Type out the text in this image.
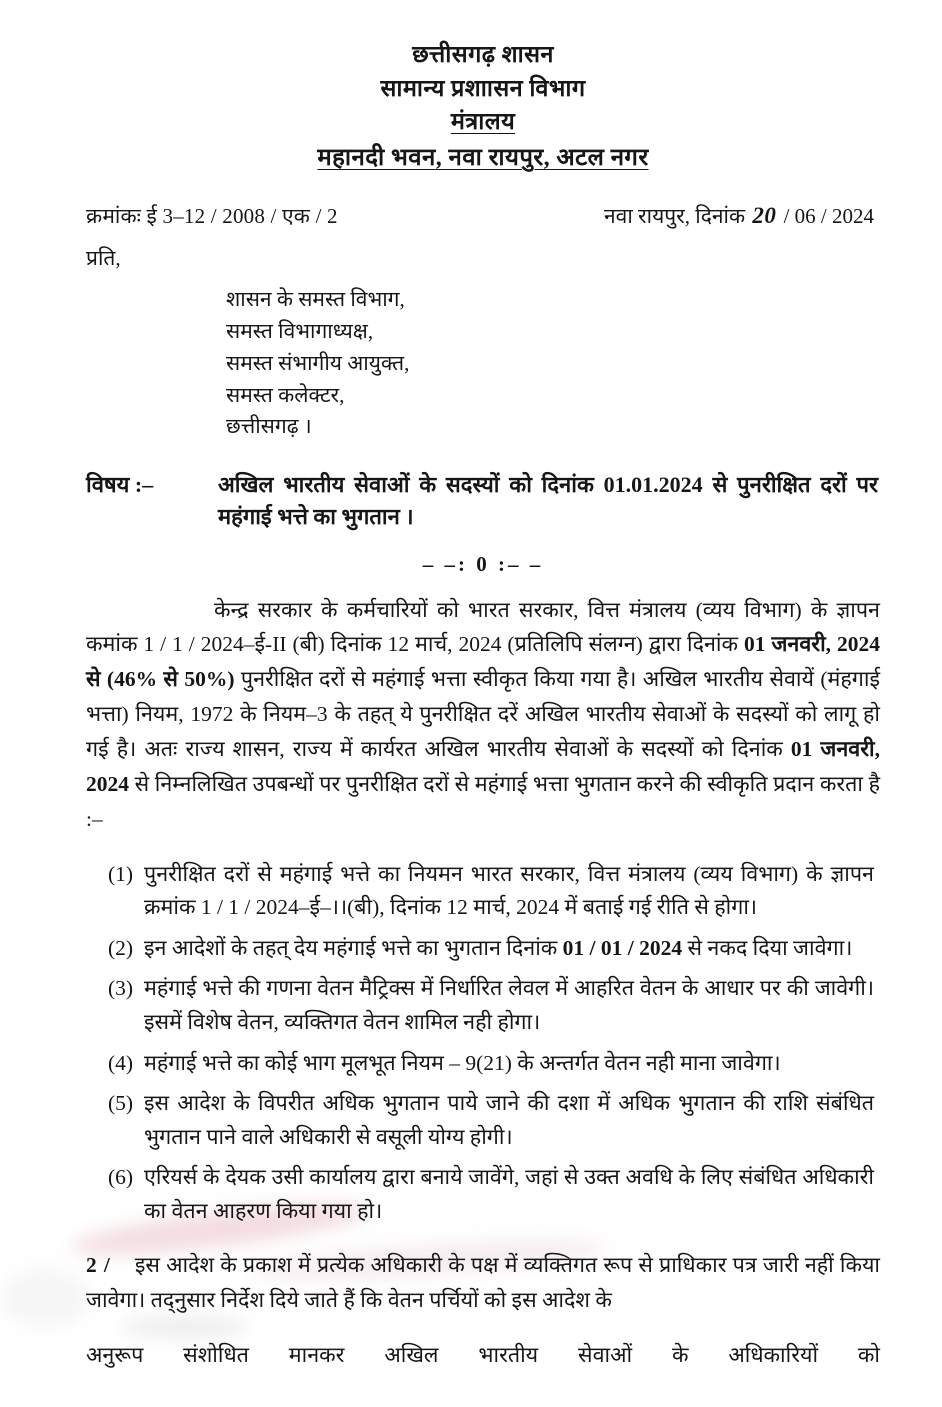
छत्तीसगढ़ शासन
सामान्य प्रशाासन विभाग
मंत्रालय
महानदी भवन, नवा रायपुर, अटल नगर
क्रमांकः ई 3–12 / 2008 / एक / 2	नवा रायपुर, दिनांक 20 / 06 / 2024
प्रति,
शासन के समस्त विभाग,
समस्त विभागाध्यक्ष,
समस्त संभागीय आयुक्त,
समस्त कलेक्टर,
छत्तीसगढ़ ।
विषय :–	अखिल भारतीय सेवाओं के सदस्यों को दिनांक 01.01.2024 से पुनरीक्षित दरों पर महंगाई भत्ते का भुगतान ।
– –: 0 :– –

केन्द्र सरकार के कर्मचारियों को भारत सरकार, वित्त मंत्रालय (व्यय विभाग) के ज्ञापन कमांक 1 / 1 / 2024–ई-II (बी) दिनांक 12 मार्च, 2024 (प्रतिलिपि संलग्न) द्वारा दिनांक 01 जनवरी, 2024 से (46% से 50%) पुनरीक्षित दरों से महंगाई भत्ता स्वीकृत किया गया है। अखिल भारतीय सेवायें (मंहगाई भत्ता) नियम, 1972 के नियम–3 के तहत् ये पुनरीक्षित दरें अखिल भारतीय सेवाओं के सदस्यों को लागू हो गई है। अतः राज्य शासन, राज्य में कार्यरत अखिल भारतीय सेवाओं के सदस्यों को दिनांक 01 जनवरी, 2024 से निम्नलिखित उपबन्धों पर पुनरीक्षित दरों से महंगाई भत्ता भुगतान करने की स्वीकृति प्रदान करता है :–

(1) पुनरीक्षित दरों से महंगाई भत्ते का नियमन भारत सरकार, वित्त मंत्रालय (व्यय विभाग) के ज्ञापन क्रमांक 1 / 1 / 2024–ई–।।(बी), दिनांक 12 मार्च, 2024 में बताई गई रीति से होगा।
(2) इन आदेशों के तहत् देय महंगाई भत्ते का भुगतान दिनांक 01 / 01 / 2024 से नकद दिया जावेगा।
(3) महंगाई भत्ते की गणना वेतन मैट्रिक्स में निर्धारित लेवल में आहरित वेतन के आधार पर की जावेगी। इसमें विशेष वेतन, व्यक्तिगत वेतन शामिल नही होगा।
(4) महंगाई भत्ते का कोई भाग मूलभूत नियम – 9(21) के अन्तर्गत वेतन नही माना जावेगा।
(5) इस आदेश के विपरीत अधिक भुगतान पाये जाने की दशा में अधिक भुगतान की राशि संबंधित भुगतान पाने वाले अधिकारी से वसूली योग्य होगी।
(6) एरियर्स के देयक उसी कार्यालय द्वारा बनाये जावेंगे, जहां से उक्त अवधि के लिए संबंधित अधिकारी का वेतन आहरण किया गया हो।

2 / इस आदेश के प्रकाश में प्रत्येक अधिकारी के पक्ष में व्यक्तिगत रूप से प्राधिकार पत्र जारी नहीं किया जावेगा। तद्नुसार निर्देश दिये जाते हैं कि वेतन पर्चियों को इस आदेश के

अनुरूप संशोधित मानकर अखिल भारतीय सेवाओं के अधिकारियों को
